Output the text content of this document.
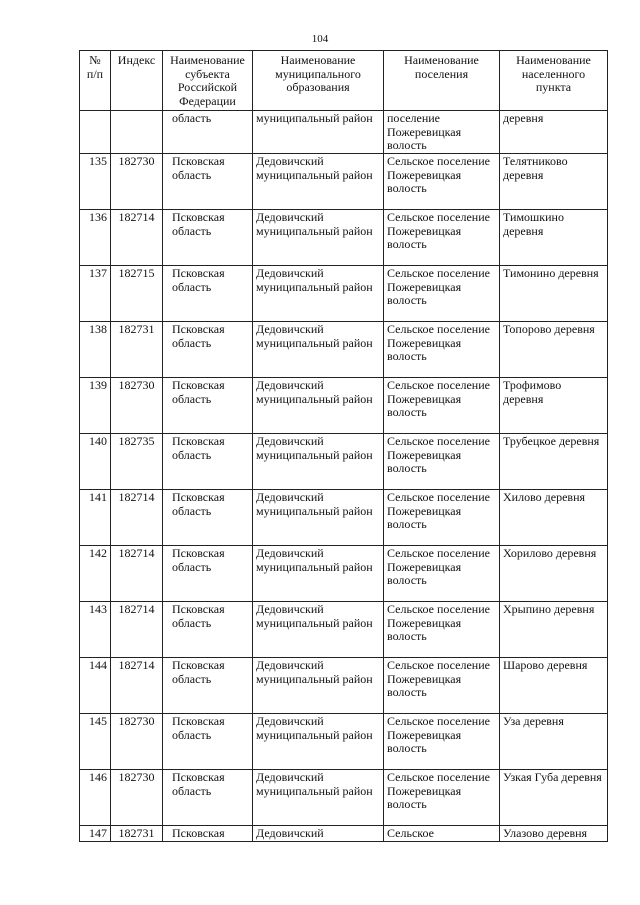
104
№ п/п	Индекс	Наименование субъекта Российской Федерации	Наименование муниципального образования	Наименование поселения	Наименование населенного пункта
		область	муниципальный район	поселение Пожеревицкая волость	деревня
135	182730	Псковская область	Дедовичский муниципальный район	Сельское поселение Пожеревицкая волость	Телятниково деревня
136	182714	Псковская область	Дедовичский муниципальный район	Сельское поселение Пожеревицкая волость	Тимошкино деревня
137	182715	Псковская область	Дедовичский муниципальный район	Сельское поселение Пожеревицкая волость	Тимонино деревня
138	182731	Псковская область	Дедовичский муниципальный район	Сельское поселение Пожеревицкая волость	Топорово деревня
139	182730	Псковская область	Дедовичский муниципальный район	Сельское поселение Пожеревицкая волость	Трофимово деревня
140	182735	Псковская область	Дедовичский муниципальный район	Сельское поселение Пожеревицкая волость	Трубецкое деревня
141	182714	Псковская область	Дедовичский муниципальный район	Сельское поселение Пожеревицкая волость	Хилово деревня
142	182714	Псковская область	Дедовичский муниципальный район	Сельское поселение Пожеревицкая волость	Хорилово деревня
143	182714	Псковская область	Дедовичский муниципальный район	Сельское поселение Пожеревицкая волость	Хрыпино деревня
144	182714	Псковская область	Дедовичский муниципальный район	Сельское поселение Пожеревицкая волость	Шарово деревня
145	182730	Псковская область	Дедовичский муниципальный район	Сельское поселение Пожеревицкая волость	Уза деревня
146	182730	Псковская область	Дедовичский муниципальный район	Сельское поселение Пожеревицкая волость	Узкая Губа деревня
147	182731	Псковская	Дедовичский	Сельское	Улазово деревня
